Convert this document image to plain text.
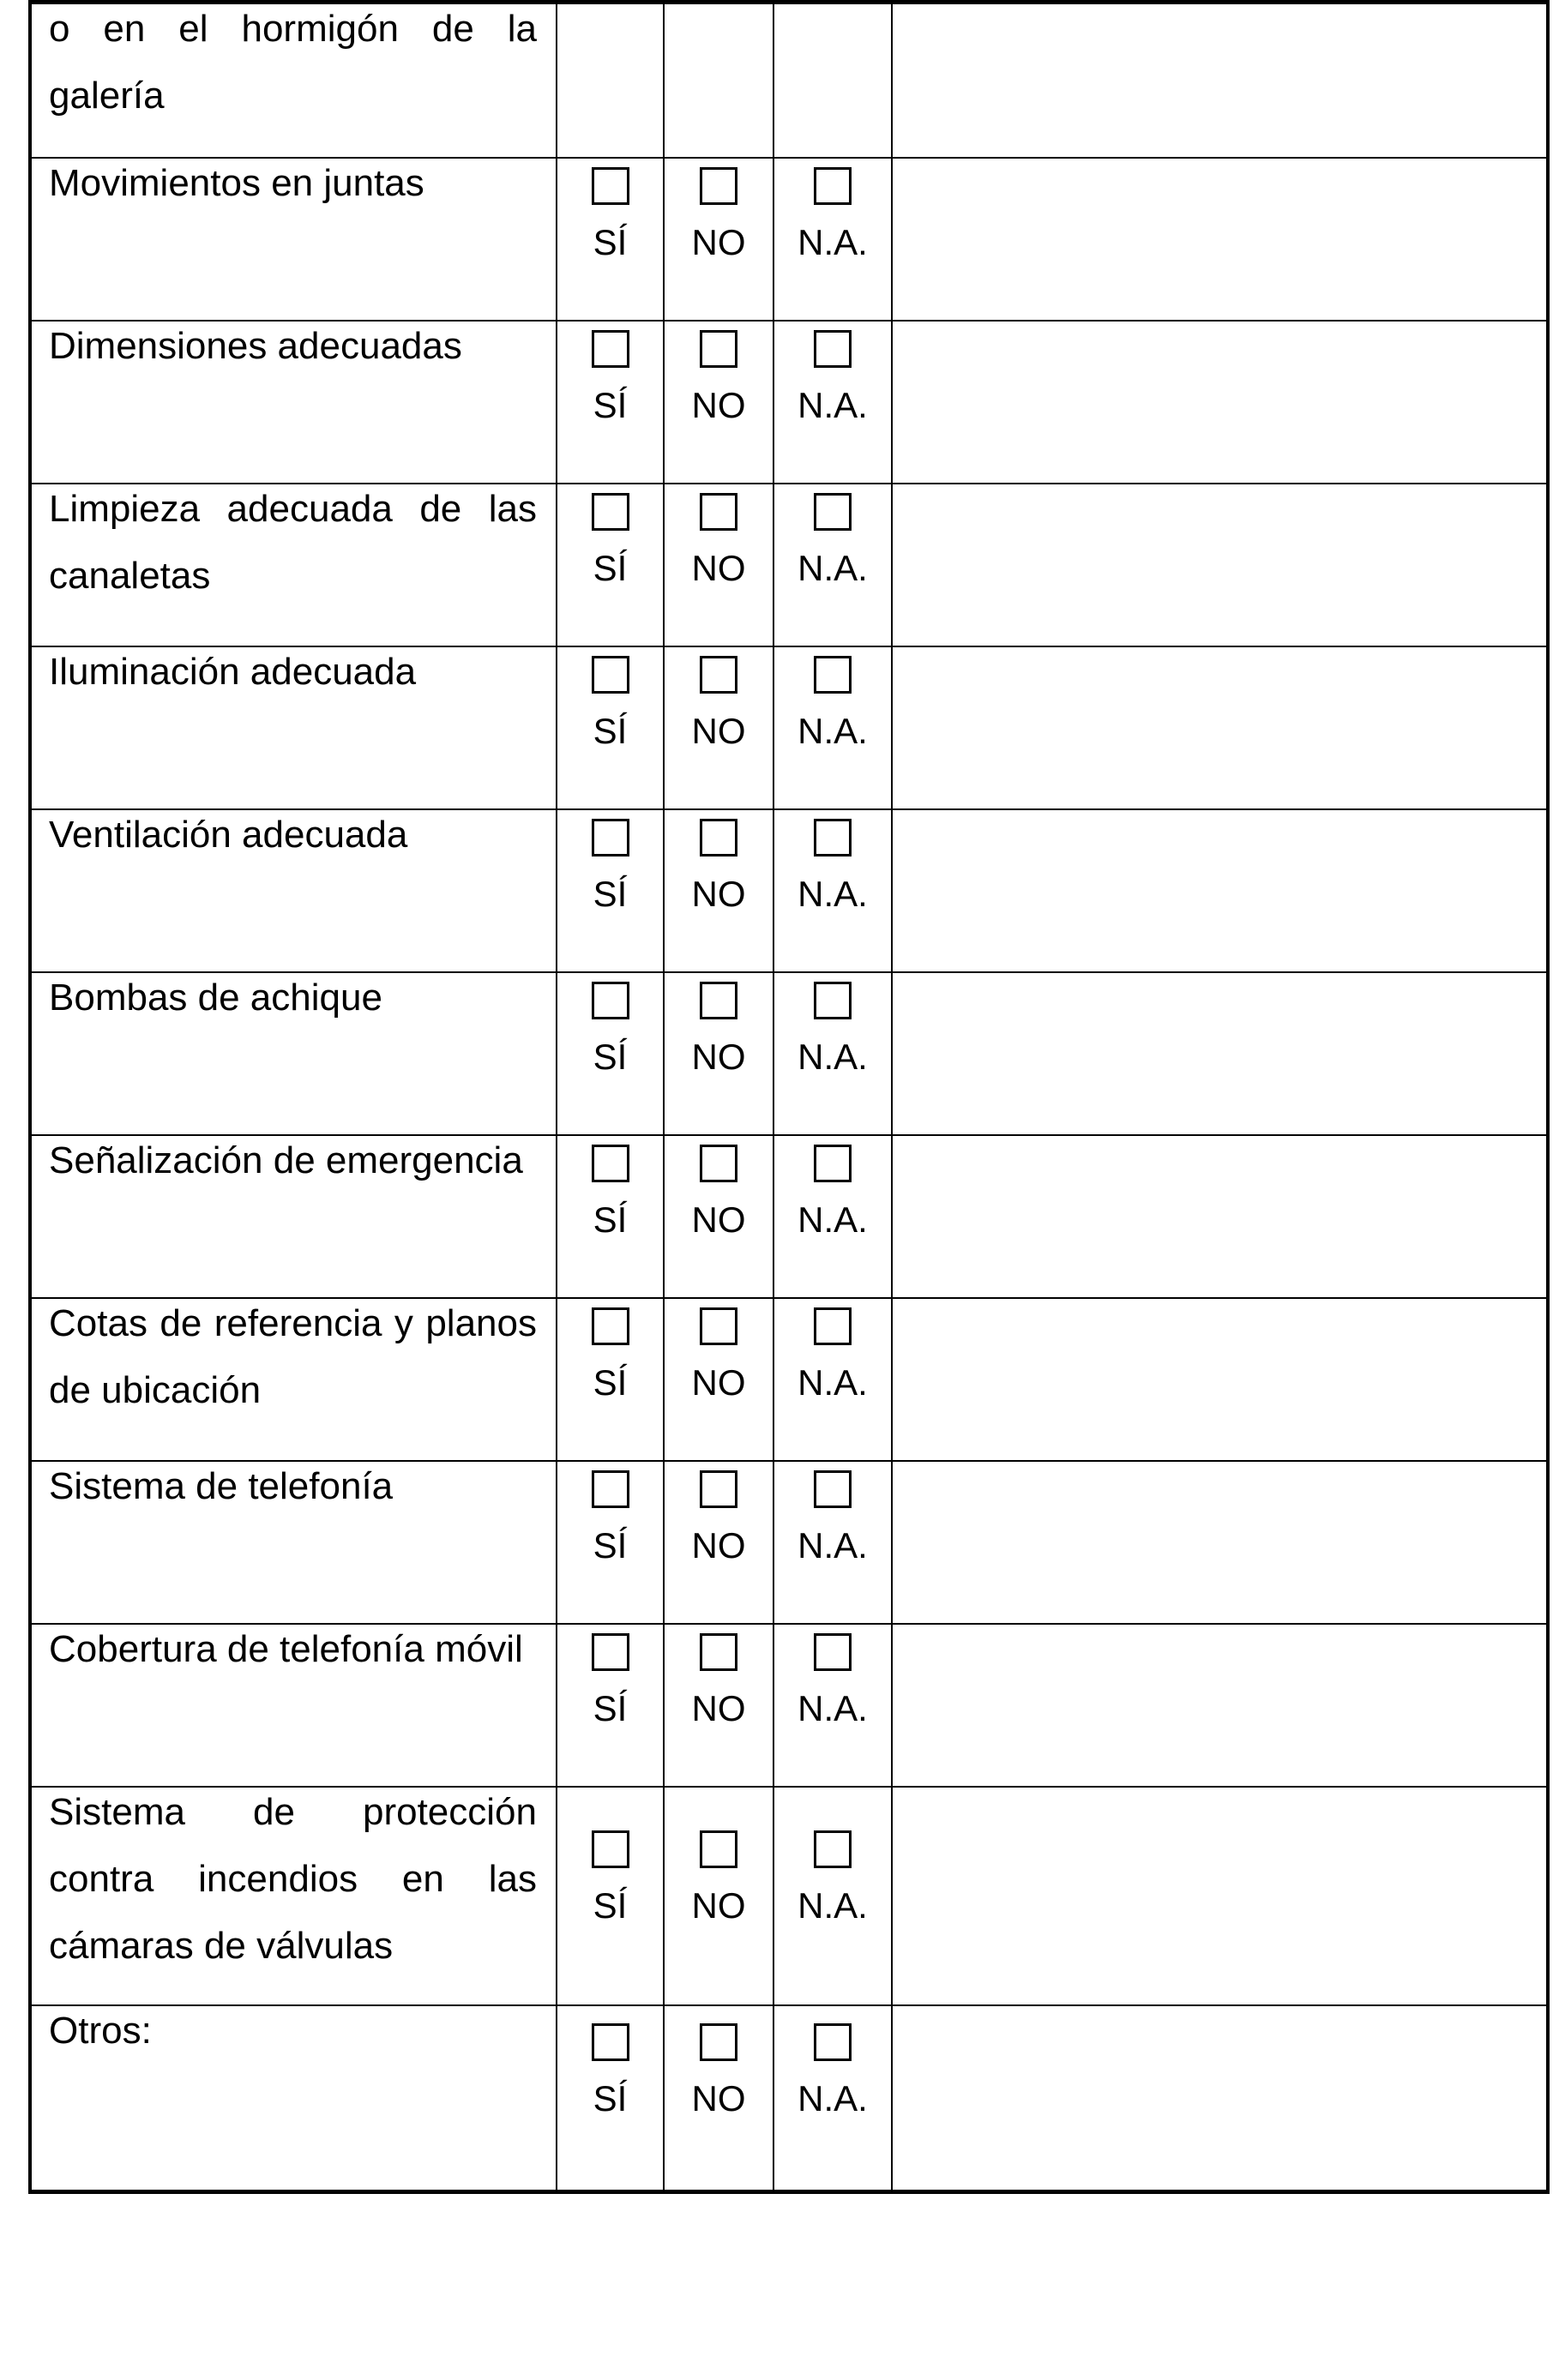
o en el hormigón de la galería				

Movimientos en juntas	SÍ	NO	N.A.	

Dimensiones adecuadas	SÍ	NO	N.A.	

Limpieza adecuada de las canaletas	SÍ	NO	N.A.	

Iluminación adecuada	SÍ	NO	N.A.	

Ventilación adecuada	SÍ	NO	N.A.	

Bombas de achique	SÍ	NO	N.A.	

Señalización de emergencia	SÍ	NO	N.A.	

Cotas de referencia y planos de ubicación	SÍ	NO	N.A.	

Sistema de telefonía	SÍ	NO	N.A.	

Cobertura de telefonía móvil	SÍ	NO	N.A.	

Sistema de protección contra incendios en las cámaras de válvulas	SÍ	NO	N.A.	

Otros:	SÍ	NO	N.A.	
